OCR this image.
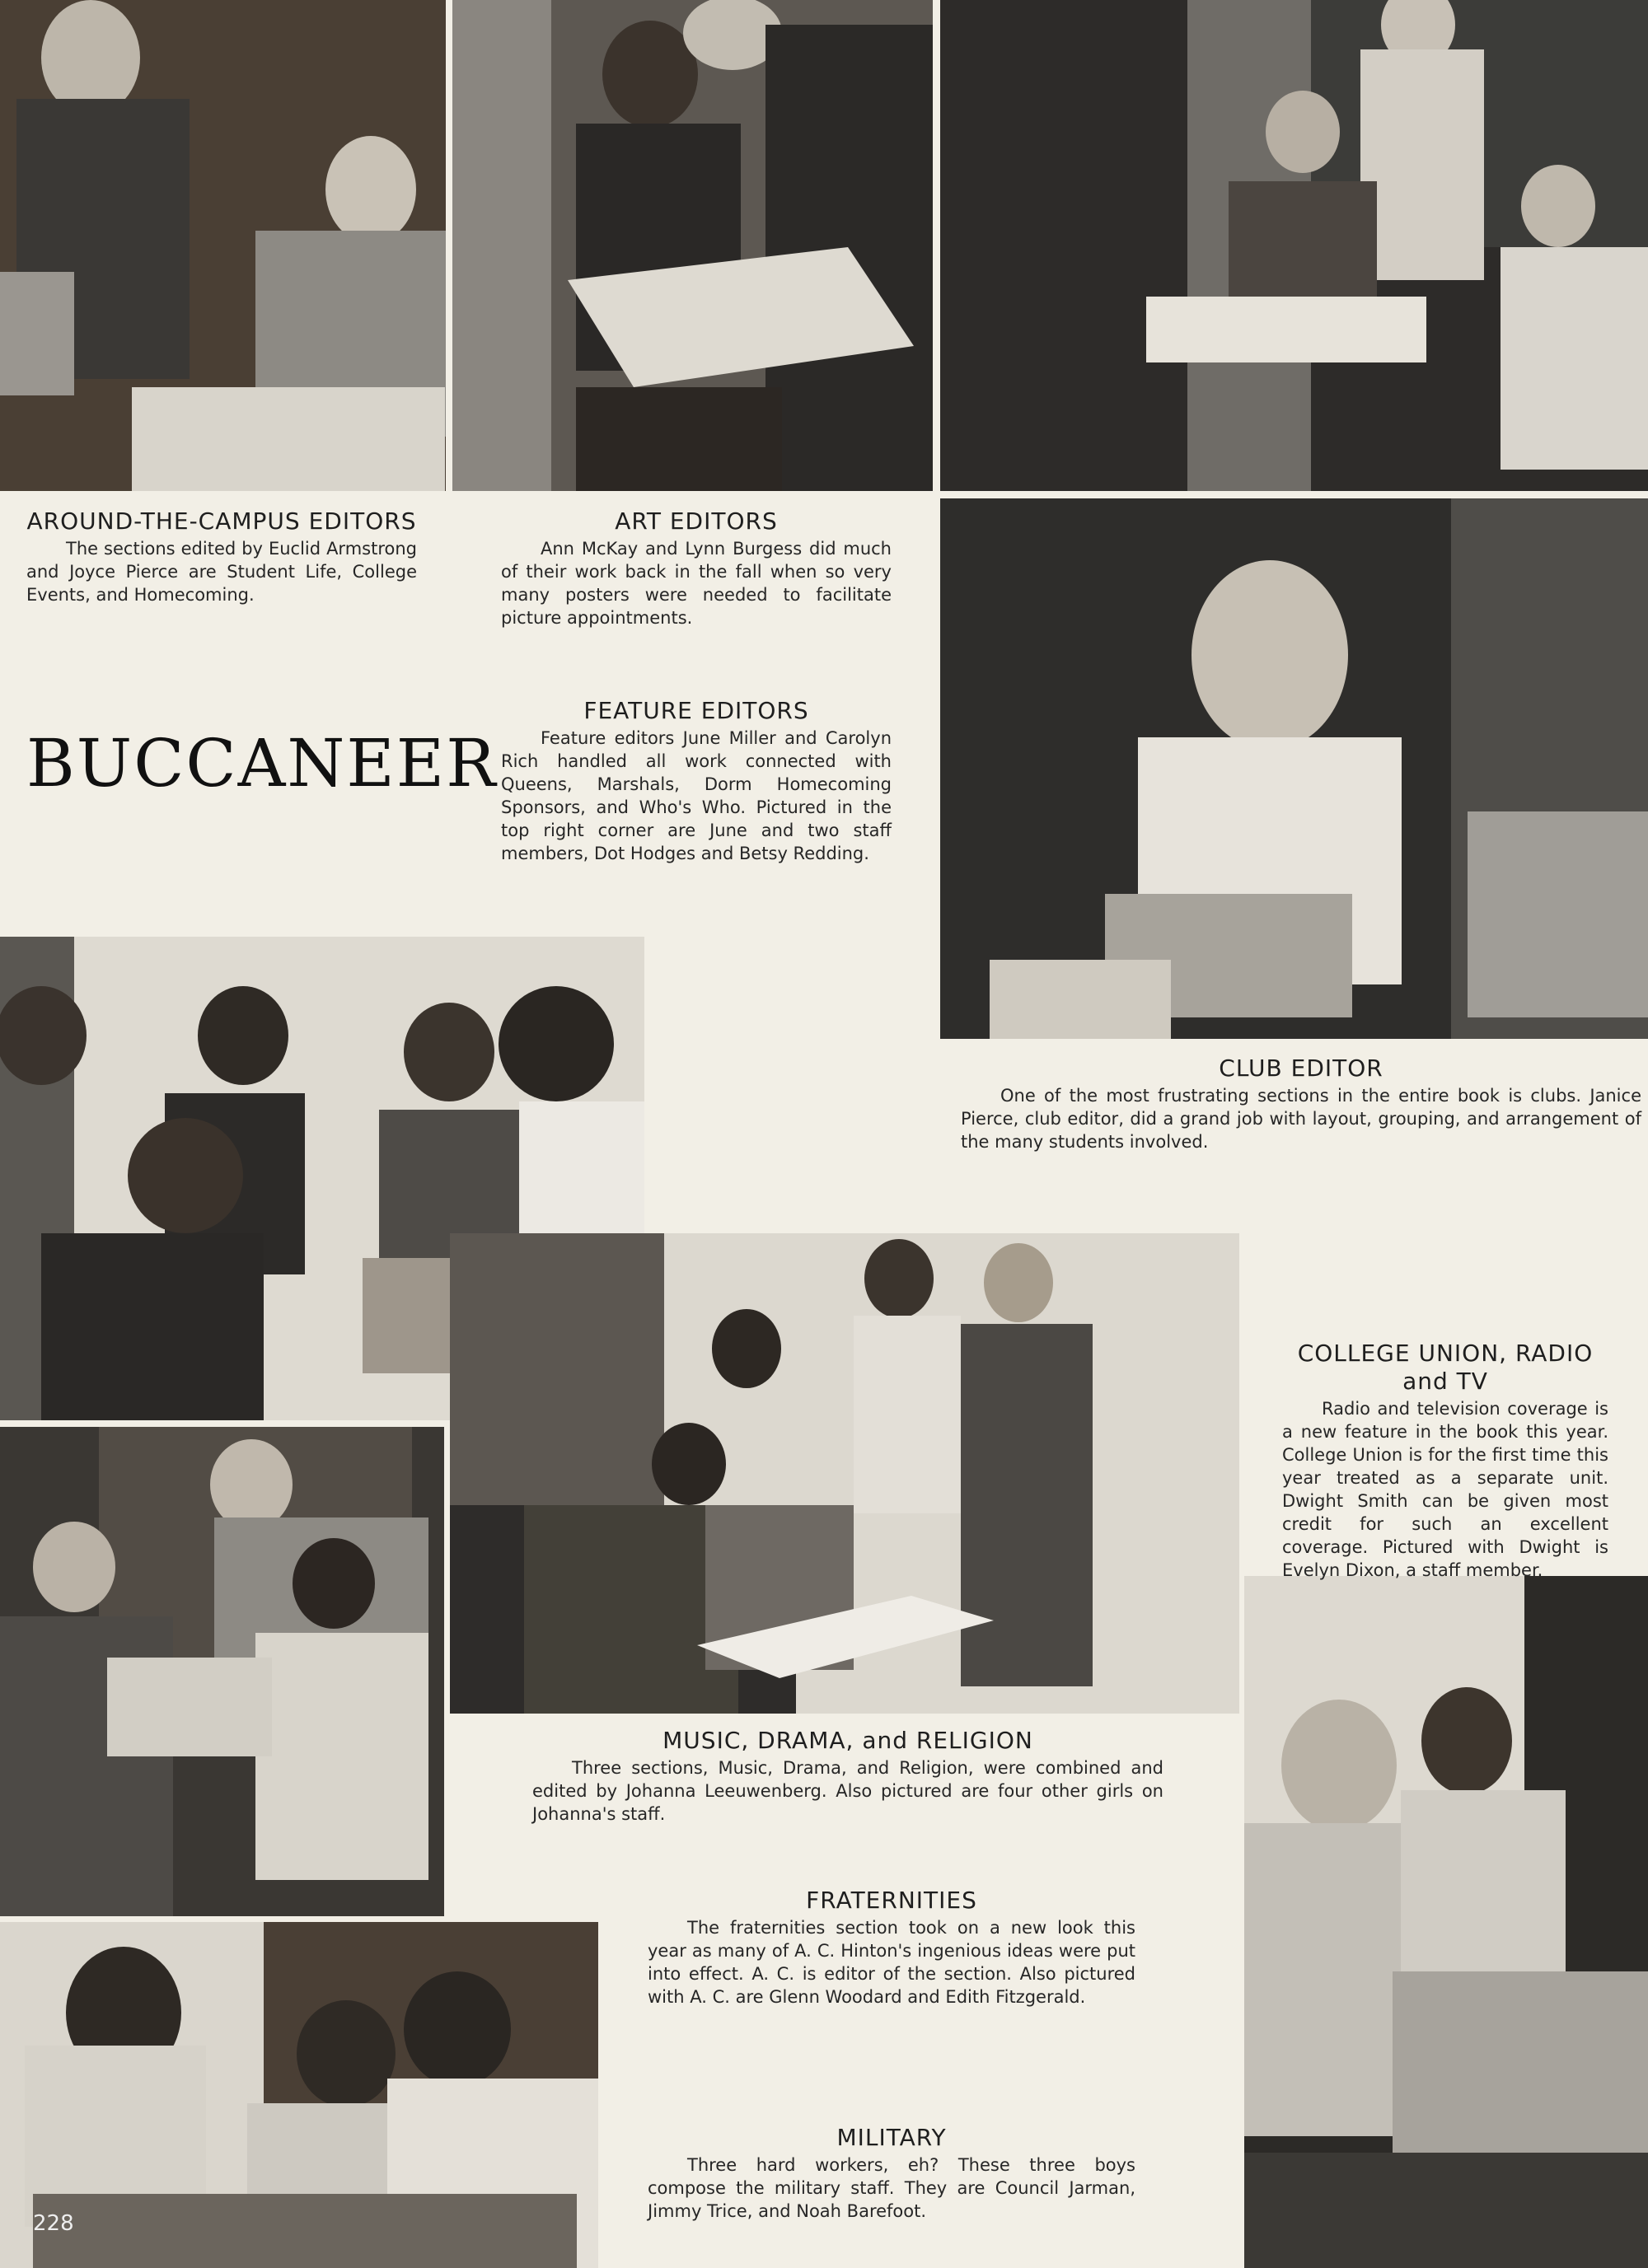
BUCCANEER
AROUND-THE-CAMPUS EDITORS

The sections edited by Euclid Armstrong and Joyce Pierce are Student Life, College Events, and Homecoming.

ART EDITORS

Ann McKay and Lynn Burgess did much of their work back in the fall when so very many posters were needed to facilitate picture appointments.

FEATURE EDITORS

Feature editors June Miller and Carolyn Rich handled all work connected with Queens, Marshals, Dorm Homecoming Sponsors, and Who's Who. Pictured in the top right corner are June and two staff members, Dot Hodges and Betsy Redding.

CLUB EDITOR

One of the most frustrating sections in the entire book is clubs. Janice Pierce, club editor, did a grand job with layout, grouping, and arrangement of the many students involved.

COLLEGE UNION, RADIO and TV

Radio and television coverage is a new feature in the book this year. College Union is for the first time this year treated as a separate unit. Dwight Smith can be given most credit for such an excellent coverage. Pictured with Dwight is Evelyn Dixon, a staff member.

MUSIC, DRAMA, and RELIGION

Three sections, Music, Drama, and Religion, were combined and edited by Johanna Leeuwenberg. Also pictured are four other girls on Johanna's staff.

FRATERNITIES

The fraternities section took on a new look this year as many of A. C. Hinton's ingenious ideas were put into effect. A. C. is editor of the section. Also pictured with A. C. are Glenn Woodard and Edith Fitzgerald.

MILITARY

Three hard workers, eh? These three boys compose the military staff. They are Council Jarman, Jimmy Trice, and Noah Barefoot.

228
